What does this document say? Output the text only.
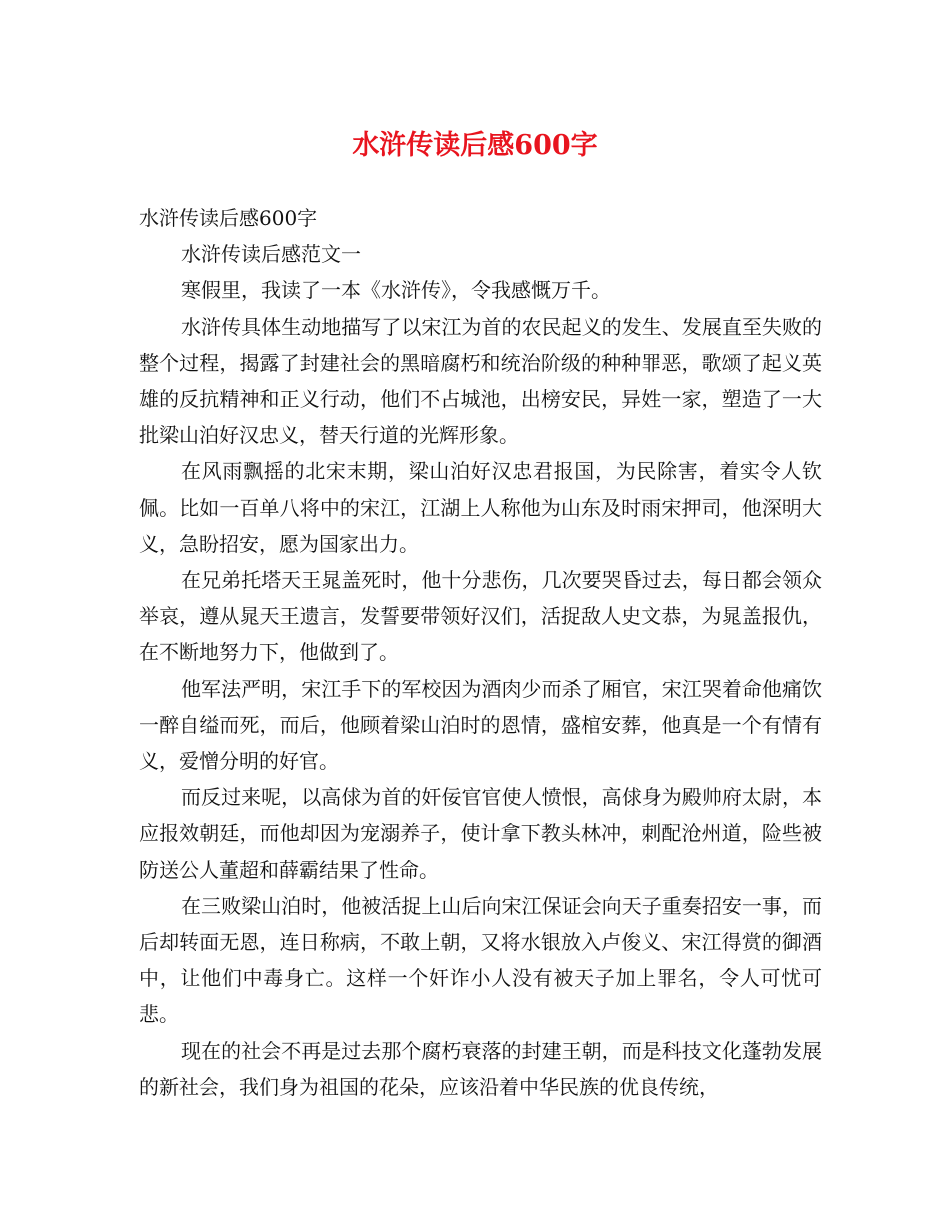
水浒传读后感600字

水浒传读后感600字

水浒传读后感范文一

寒假里，我读了一本《水浒传》，令我感慨万千。

水浒传具体生动地描写了以宋江为首的农民起义的发生、发展直至失败的整个过程，揭露了封建社会的黑暗腐朽和统治阶级的种种罪恶，歌颂了起义英雄的反抗精神和正义行动，他们不占城池，出榜安民，异姓一家，塑造了一大批梁山泊好汉忠义，替天行道的光辉形象。

在风雨飘摇的北宋末期，梁山泊好汉忠君报国，为民除害，着实令人钦佩。比如一百单八将中的宋江，江湖上人称他为山东及时雨宋押司，他深明大义，急盼招安，愿为国家出力。

在兄弟托塔天王晁盖死时，他十分悲伤，几次要哭昏过去，每日都会领众举哀，遵从晁天王遗言，发誓要带领好汉们，活捉敌人史文恭，为晁盖报仇，在不断地努力下，他做到了。

他军法严明，宋江手下的军校因为酒肉少而杀了厢官，宋江哭着命他痛饮一醉自缢而死，而后，他顾着梁山泊时的恩情，盛棺安葬，他真是一个有情有义，爱憎分明的好官。

而反过来呢，以高俅为首的奸佞官官使人愤恨，高俅身为殿帅府太尉，本应报效朝廷，而他却因为宠溺养子，使计拿下教头林冲，刺配沧州道，险些被防送公人董超和薛霸结果了性命。

在三败梁山泊时，他被活捉上山后向宋江保证会向天子重奏招安一事，而后却转面无恩，连日称病，不敢上朝，又将水银放入卢俊义、宋江得赏的御酒中，让他们中毒身亡。这样一个奸诈小人没有被天子加上罪名，令人可忧可悲。

现在的社会不再是过去那个腐朽衰落的封建王朝，而是科技文化蓬勃发展的新社会，我们身为祖国的花朵，应该沿着中华民族的优良传统，
